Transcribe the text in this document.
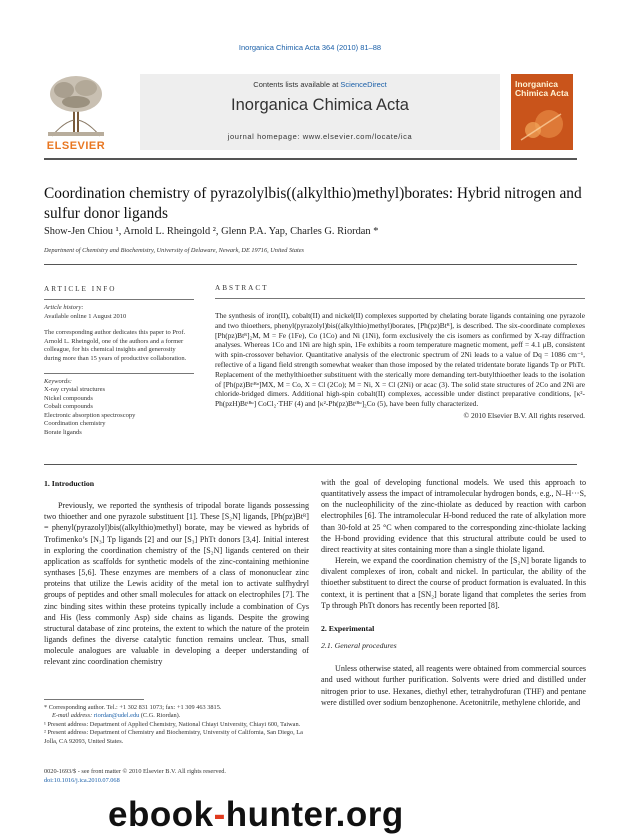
Inorganica Chimica Acta 364 (2010) 81–88
ELSEVIER
Contents lists available at ScienceDirect
Inorganica Chimica Acta
journal homepage: www.elsevier.com/locate/ica
Inorganica Chimica Acta
Coordination chemistry of pyrazolylbis((alkylthio)methyl)borates: Hybrid nitrogen and sulfur donor ligands
Show-Jen Chiou ¹, Arnold L. Rheingold ², Glenn P.A. Yap, Charles G. Riordan *
Department of Chemistry and Biochemistry, University of Delaware, Newark, DE 19716, United States
ARTICLE INFO
Article history:
Available online 1 August 2010
The corresponding author dedicates this paper to Prof. Arnold L. Rheingold, one of the authors and a former colleague, for his chemical insights and generosity during more than 15 years of productive collaboration.
Keywords:
X-ray crystal structures
Nickel compounds
Cobalt compounds
Electronic absorption spectroscopy
Coordination chemistry
Borate ligands
ABSTRACT
The synthesis of iron(II), cobalt(II) and nickel(II) complexes supported by chelating borate ligands containing one pyrazole and two thioethers, phenyl(pyrazolyl)bis((alkylthio)methyl)borates, [Ph(pz)Btᴿ], is described. The six-coordinate complexes [Ph(pz)Btᴿ]₂M, M = Fe (1Fe), Co (1Co) and Ni (1Ni), form exclusively the cis isomers as confirmed by X-ray diffraction analyses. Whereas 1Co and 1Ni are high spin, 1Fe exhibits a room temperature magnetic moment, μeff = 4.1 μB, consistent with spin-crossover behavior. Quantitative analysis of the electronic spectrum of 2Ni leads to a value of Dq = 1086 cm⁻¹, reflective of a ligand field strength somewhat weaker than those imposed by the related tridentate borate ligands Tp or PhTt. Replacement of the methylthioether substituent with the sterically more demanding tert-butylthioether leads to the isolation of [Ph(pz)Btᵗᴮᵘ]MX, M = Co, X = Cl (2Co); M = Ni, X = Cl (2Ni) or acac (3). The solid state structures of 2Co and 2Ni are chloride-bridged dimers. Additional high-spin cobalt(II) complexes, accessible under distinct preparative conditions, [κ²-Ph(pzH)Btᵗᴮᵘ] CoCl₂·THF (4) and [κ²-Ph(pz)Btᵗᴮᵘ]₂Co (5), have been fully characterized.
© 2010 Elsevier B.V. All rights reserved.
1. Introduction

Previously, we reported the synthesis of tripodal borate ligands possessing two thioether and one pyrazole substituent [1]. These [S₂N] ligands, [Ph(pz)Btᴿ] = phenyl(pyrazolyl)bis((alkylthio)methyl) borate, may be viewed as hybrids of Trofimenko’s [N₃] Tp ligands [2] and our [S₃] PhTt donors [3,4]. Initial interest in exploring the coordination chemistry of the [S₂N] ligands centered on their application as scaffolds for synthetic models of the zinc-containing methionine synthases [5,6]. These enzymes are members of a class of mononuclear zinc proteins that utilize the Lewis acidity of the metal ion to activate sulfhydryl groups of peptides and other small molecules for attack on electrophiles [7]. The zinc binding sites within these proteins typically include a combination of Cys and His (less commonly Asp) side chains as ligands. Despite the growing structural database of zinc proteins, the extent to which the nature of the protein ligands defines the diverse catalytic function remains unclear. Thus, small molecule analogues are valuable in developing a deeper understanding of relevant zinc coordination chemistry

with the goal of developing functional models. We used this approach to quantitatively assess the impact of intramolecular hydrogen bonds, e.g., N–H···S, on the nucleophilicity of the zinc-thiolate as deduced by reaction with carbon electrophiles [6]. The intramolecular H-bond reduced the rate of alkylation more than 30-fold at 25 °C when compared to the corresponding zinc-thiolate lacking the H-bond providing evidence that this structural attribute could be used to direct reactivity at sites containing more than a single thiolate ligand.

Herein, we expand the coordination chemistry of the [S₂N] borate ligands to divalent complexes of iron, cobalt and nickel. In particular, the ability of the thioether substituent to direct the course of product formation is evaluated. In this context, it is pertinent that a [SN₂] borate ligand that completes the series from Tp through PhTt donors has recently been reported [8].

2. Experimental
2.1. General procedures

Unless otherwise stated, all reagents were obtained from commercial sources and used without further purification. Solvents were dried and distilled under nitrogen prior to use. Hexanes, diethyl ether, tetrahydrofuran (THF) and pentane were distilled over sodium benzophenone. Acetonitrile, methylene chloride, and

* Corresponding author. Tel.: +1 302 831 1073; fax: +1 309 463 3815.
E-mail address: riordan@udel.edu (C.G. Riordan).
¹ Present address: Department of Applied Chemistry, National Chiayi University, Chiayi 600, Taiwan.
² Present address: Department of Chemistry and Biochemistry, University of California, San Diego, La Jolla, CA 92093, United States.
0020-1693/$ - see front matter © 2010 Elsevier B.V. All rights reserved.
doi:10.1016/j.ica.2010.07.068
ebook-hunter.org
